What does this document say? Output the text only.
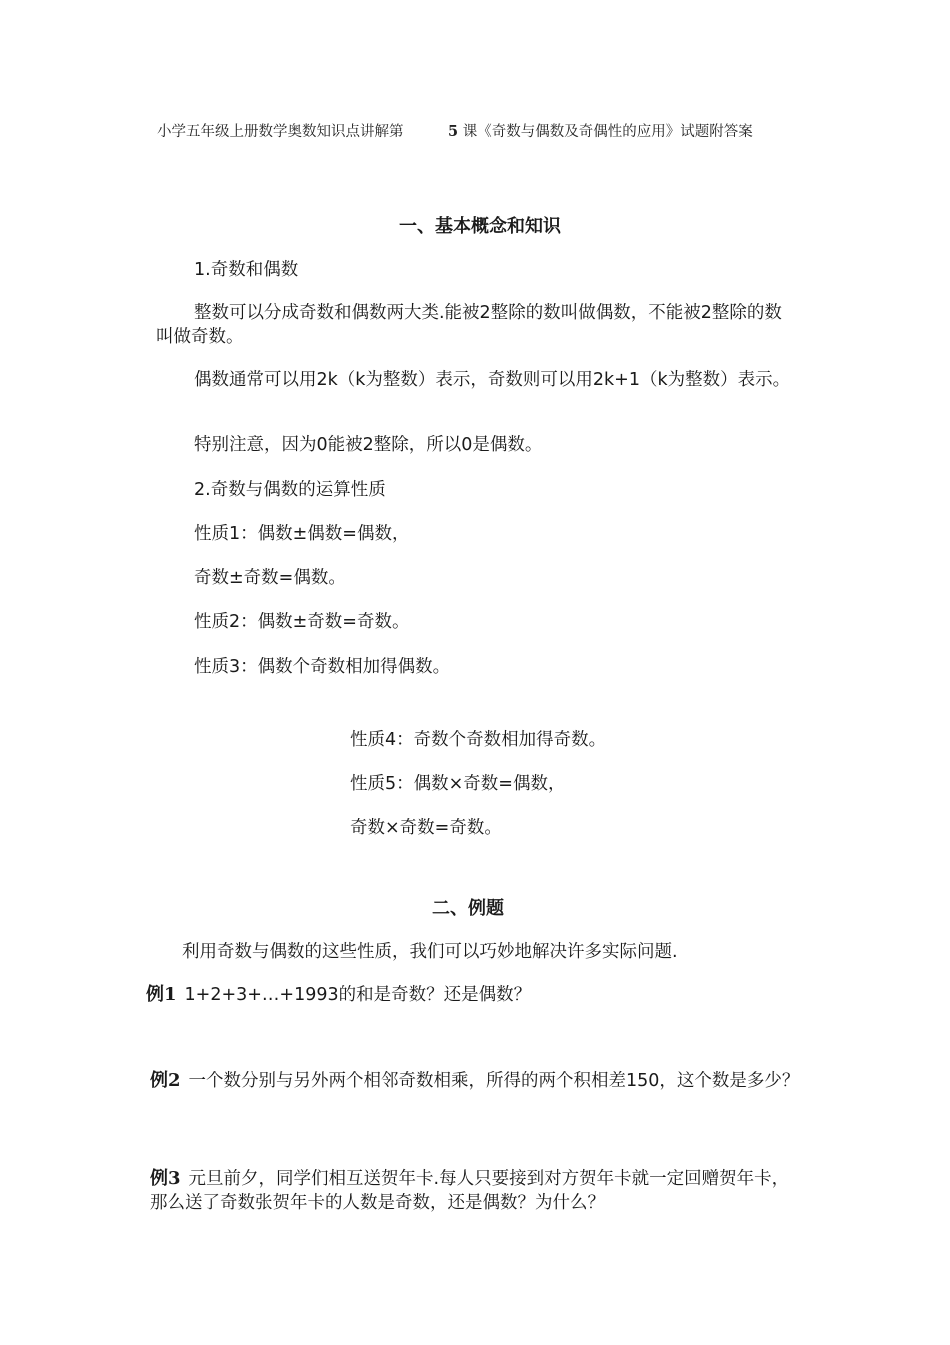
小学五年级上册数学奥数知识点讲解第	5 课《奇数与偶数及奇偶性的应用》试题附答案
一、基本概念和知识
1.奇数和偶数
整数可以分成奇数和偶数两大类.能被2整除的数叫做偶数，不能被2整除的数叫做奇数。
偶数通常可以用2k（k为整数）表示，奇数则可以用2k+1（k为整数）表示。
特别注意，因为0能被2整除，所以0是偶数。
2.奇数与偶数的运算性质
性质1：偶数±偶数=偶数，
奇数±奇数=偶数。
性质2：偶数±奇数=奇数。
性质3：偶数个奇数相加得偶数。
性质4：奇数个奇数相加得奇数。
性质5：偶数×奇数=偶数，
奇数×奇数=奇数。
二、例题
利用奇数与偶数的这些性质，我们可以巧妙地解决许多实际问题.
例1 1+2+3+…+1993的和是奇数？还是偶数？
例2 一个数分别与另外两个相邻奇数相乘，所得的两个积相差150，这个数是多少？
例3 元旦前夕，同学们相互送贺年卡.每人只要接到对方贺年卡就一定回赠贺年卡，那么送了奇数张贺年卡的人数是奇数，还是偶数？为什么？
